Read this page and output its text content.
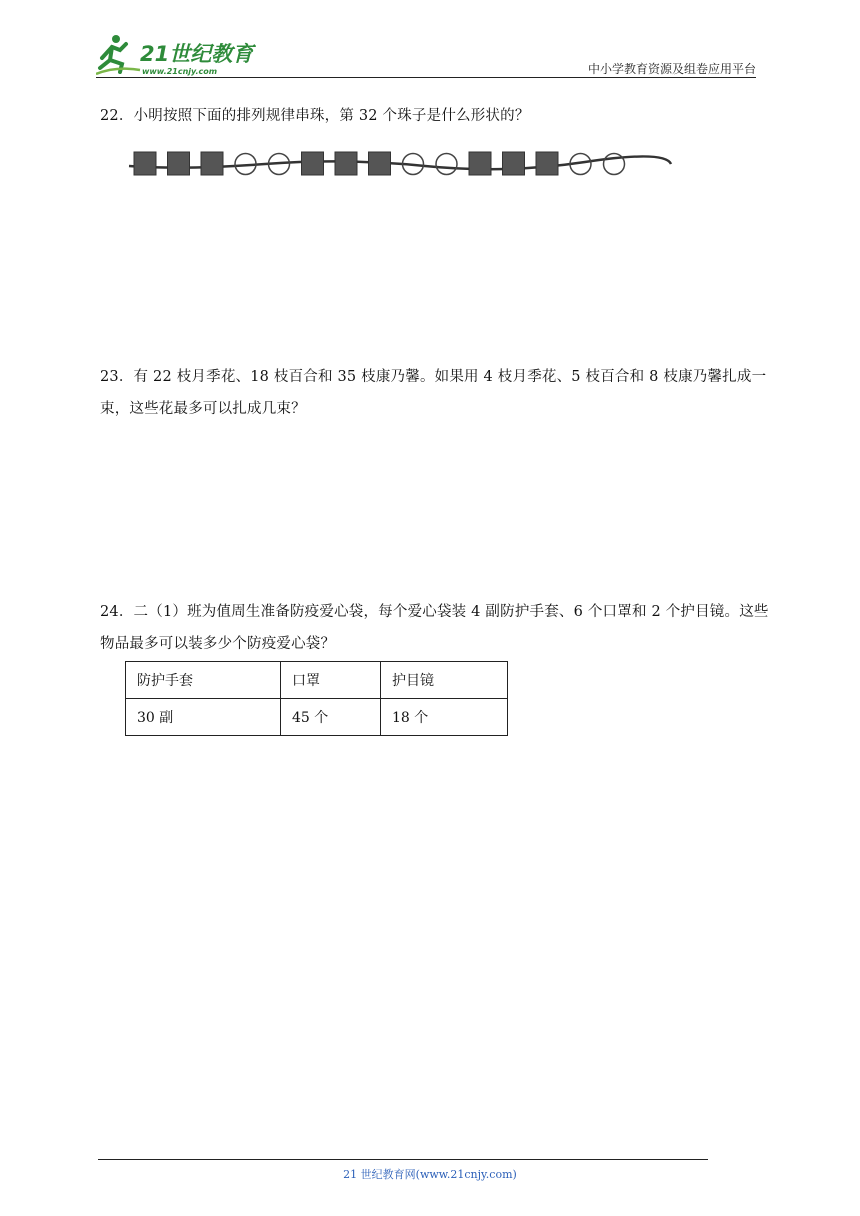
21世纪教育
www.21cnjy.com	中小学教育资源及组卷应用平台
22．小明按照下面的排列规律串珠，第 32 个珠子是什么形状的？
23．有 22 枝月季花、18 枝百合和 35 枝康乃馨。如果用 4 枝月季花、5 枝百合和 8 枝康乃馨扎成一束，这些花最多可以扎成几束？
24．二（1）班为值周生准备防疫爱心袋，每个爱心袋装 4 副防护手套、6 个口罩和 2 个护目镜。这些物品最多可以装多少个防疫爱心袋？
防护手套	口罩	护目镜
30 副	45 个	18 个
21 世纪教育网(www.21cnjy.com)
